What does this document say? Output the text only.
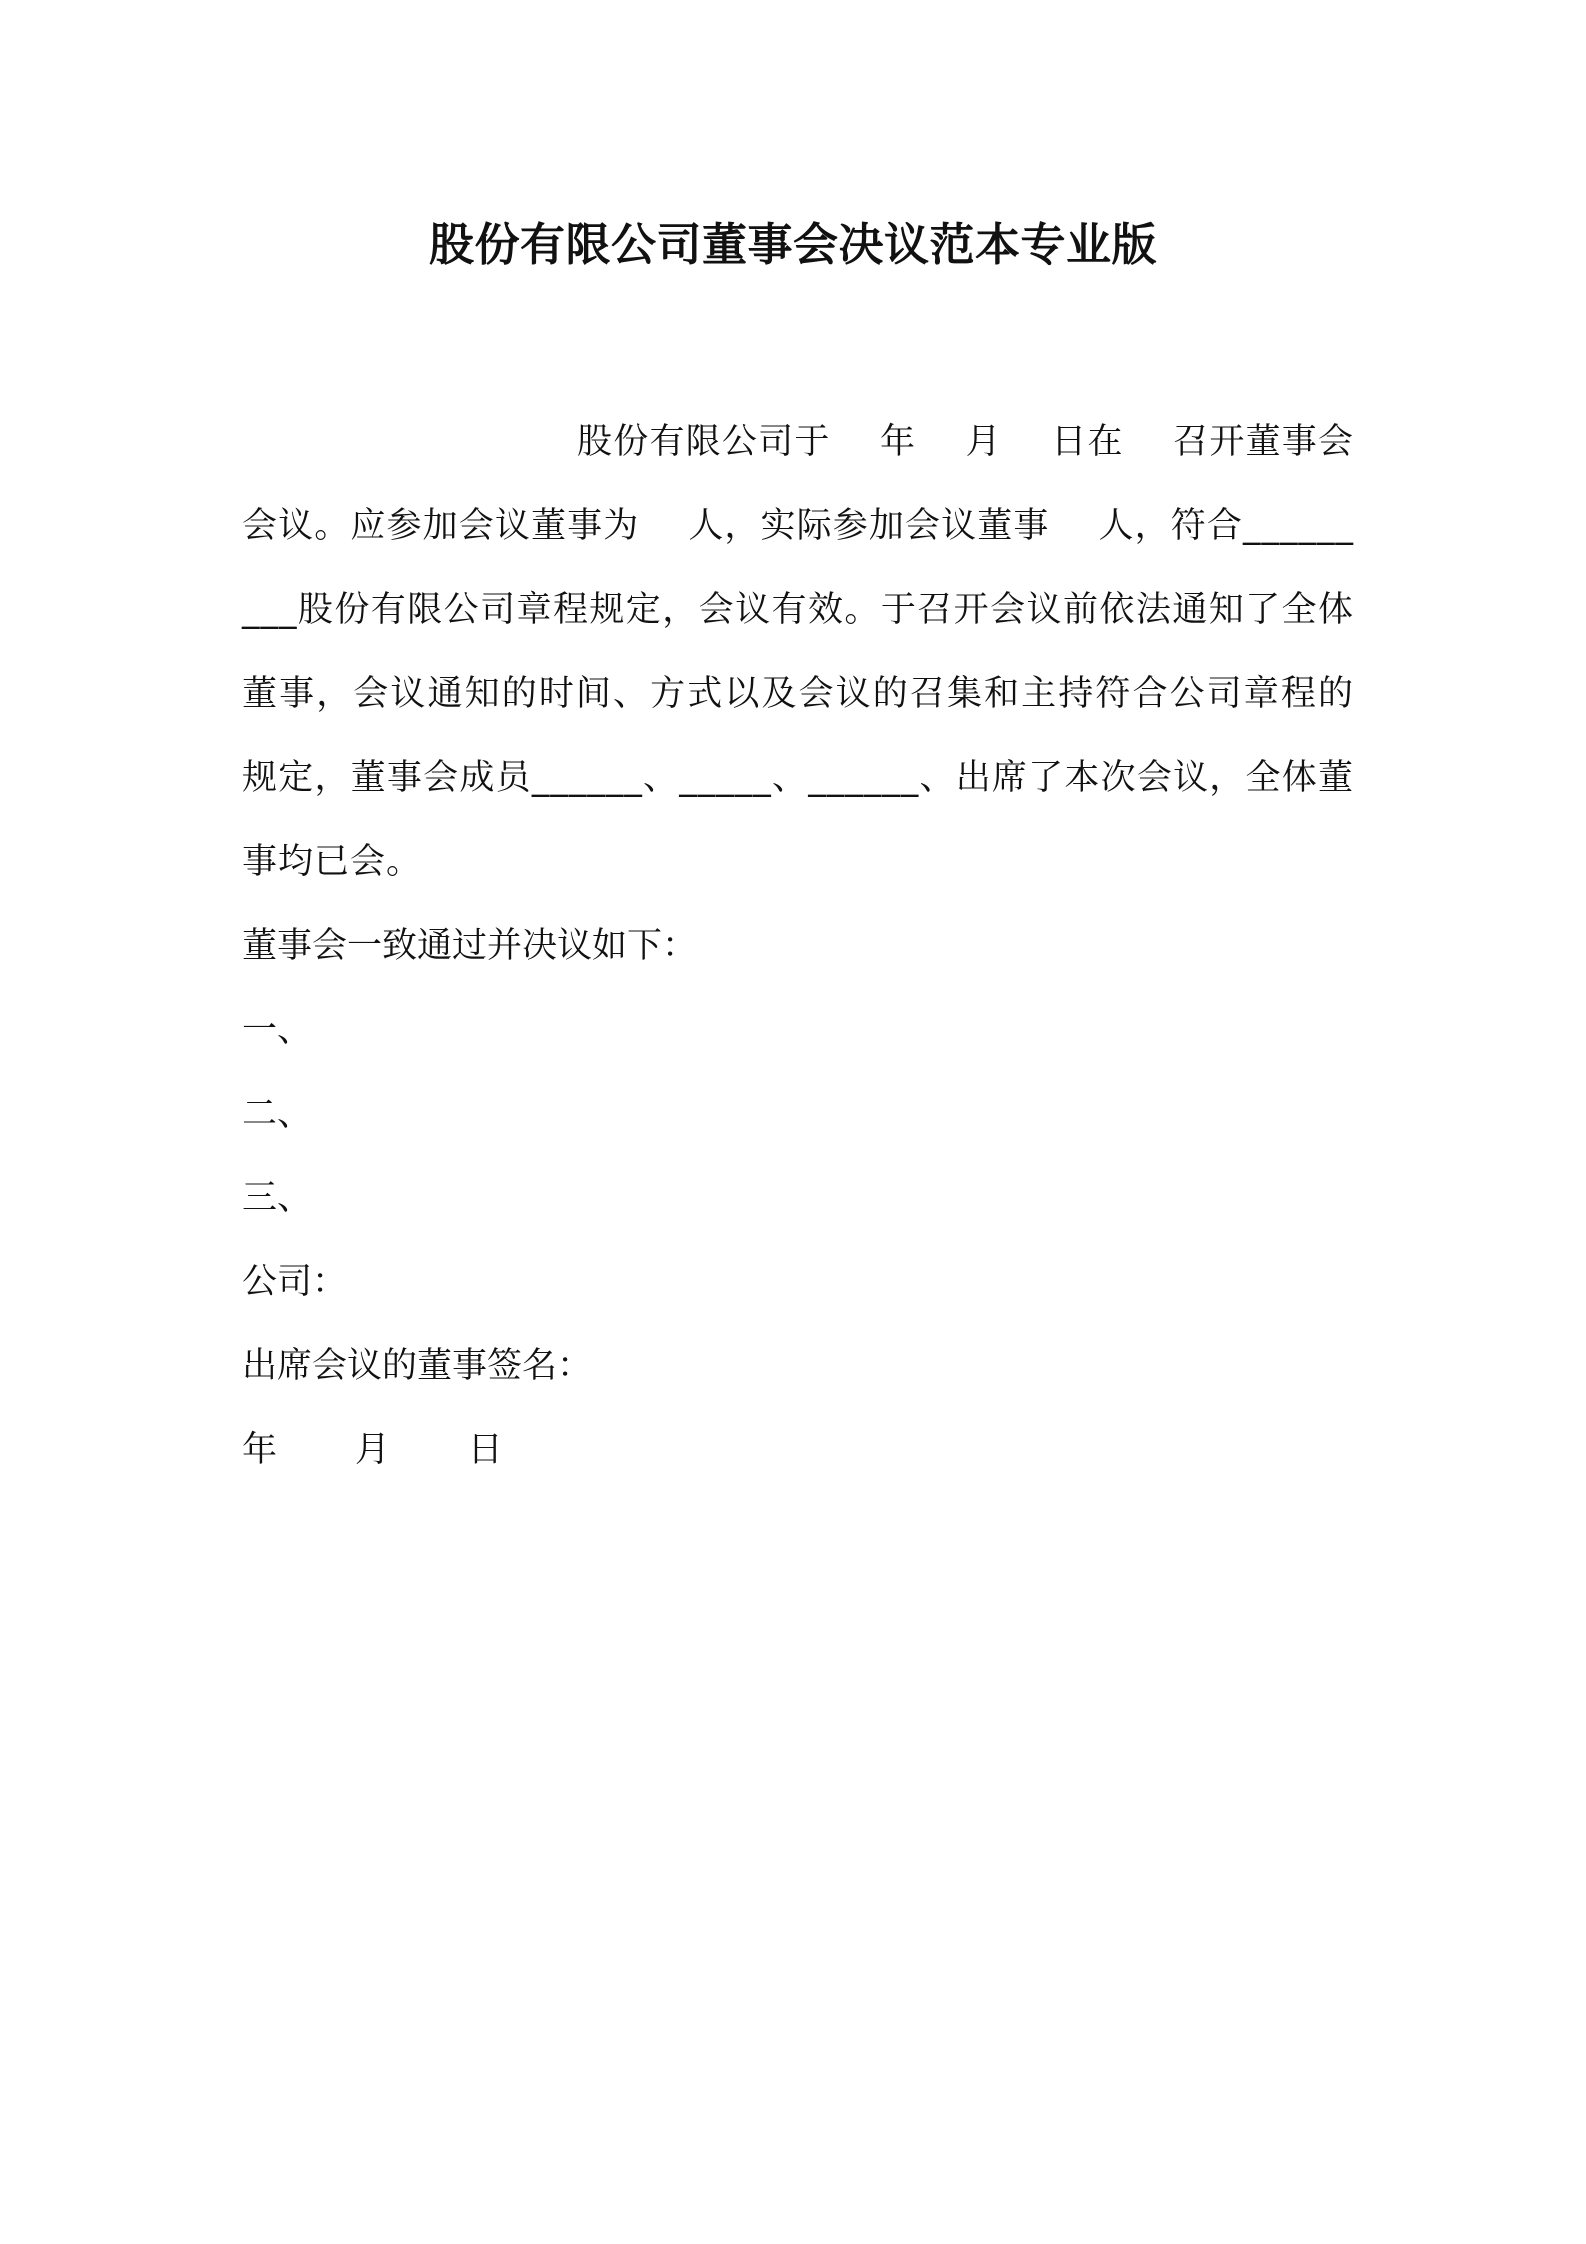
股份有限公司董事会决议范本专业版

股份有限公司于    年    月    日在    召开董事会会议。应参加会议董事为    人，实际参加会议董事    人，符合_________股份有限公司章程规定，会议有效。于召开会议前依法通知了全体董事，会议通知的时间、方式以及会议的召集和主持符合公司章程的规定，董事会成员______、_____、______、出席了本次会议，全体董事均已会。

董事会一致通过并决议如下：

一、

二、

三、

公司：

出席会议的董事签名：

年       月       日
